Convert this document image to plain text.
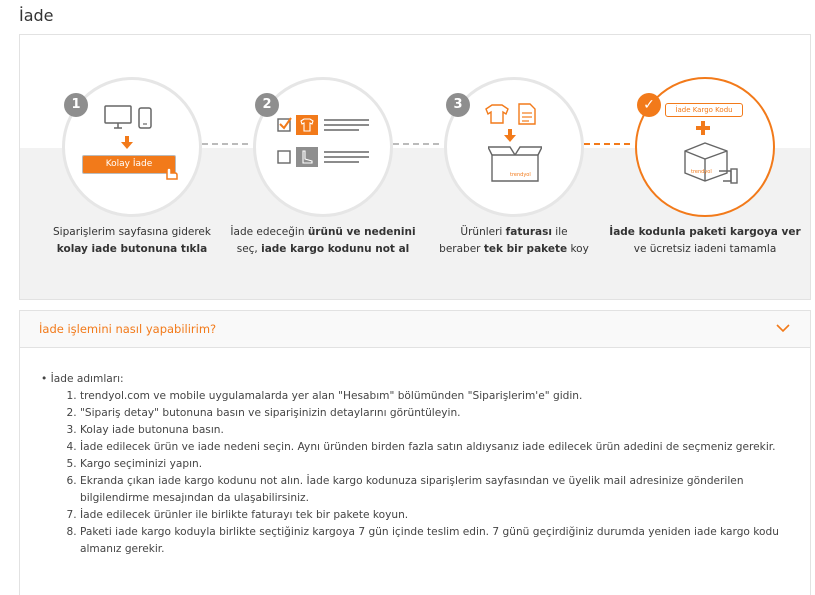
İade
1
Kolay İade
2	3
trendyol
✓	İade Kargo Kodu
trendyol
Siparişlerim sayfasına giderek
kolay iade butonuna tıkla
İade edeceğin ürünü ve nedenini
seç, iade kargo kodunu not al
Ürünleri faturası ile
beraber tek bir pakete koy
İade kodunla paketi kargoya ver
ve ücretsiz iadeni tamamla
İade işlemini nasıl yapabilirim?
• İade adımları:
1. trendyol.com ve mobile uygulamalarda yer alan "Hesabım" bölümünden "Siparişlerim'e" gidin.
2. "Sipariş detay" butonuna basın ve siparişinizin detaylarını görüntüleyin.
3. Kolay iade butonuna basın.
4. İade edilecek ürün ve iade nedeni seçin. Aynı üründen birden fazla satın aldıysanız iade edilecek ürün adedini de seçmeniz gerekir.
5. Kargo seçiminizi yapın.
6. Ekranda çıkan iade kargo kodunu not alın. İade kargo kodunuza siparişlerim sayfasından ve üyelik mail adresinize gönderilen bilgilendirme mesajından da ulaşabilirsiniz.
7. İade edilecek ürünler ile birlikte faturayı tek bir pakete koyun.
8. Paketi iade kargo koduyla birlikte seçtiğiniz kargoya 7 gün içinde teslim edin. 7 günü geçirdiğiniz durumda yeniden iade kargo kodu almanız gerekir.
